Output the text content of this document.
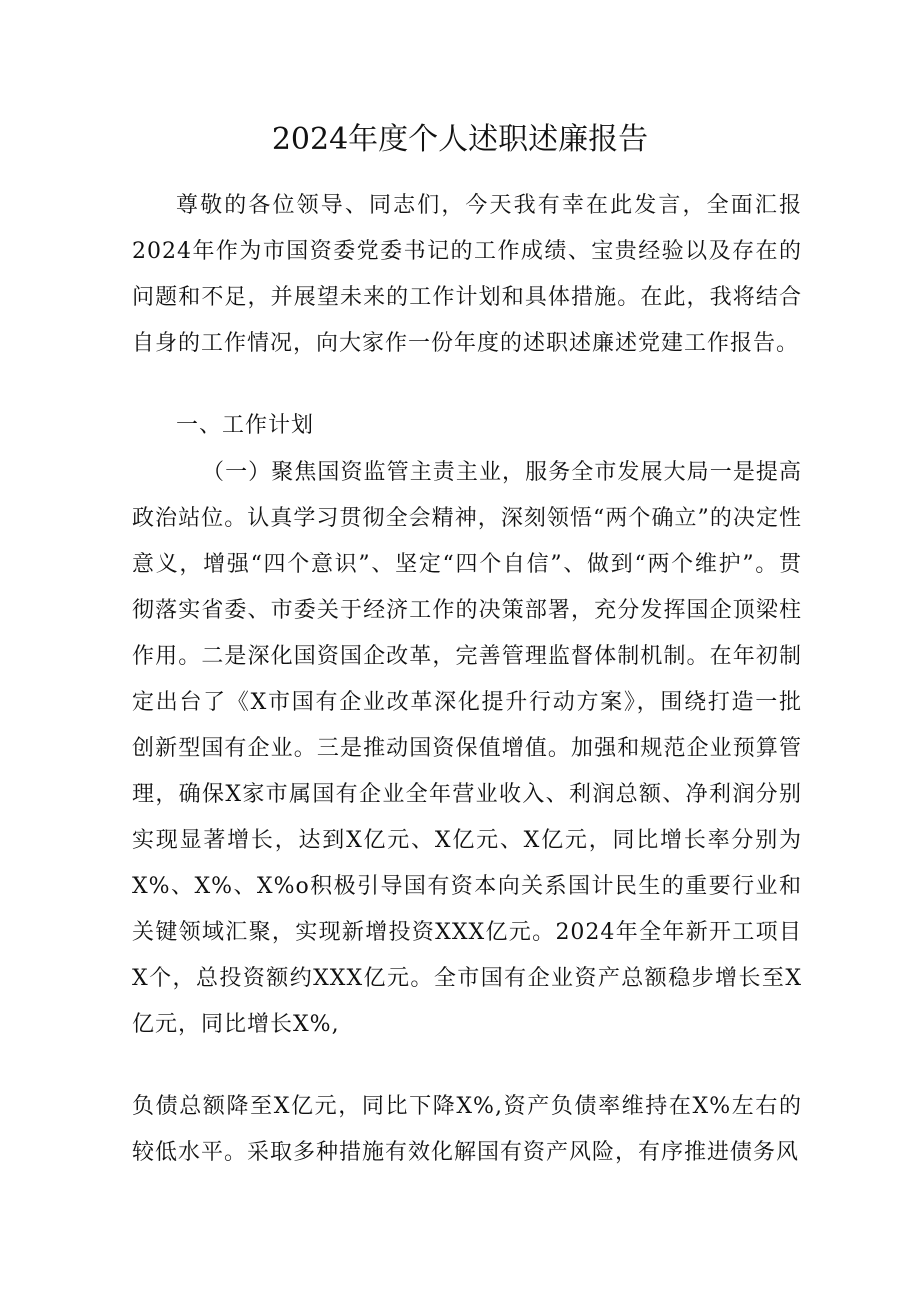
2024年度个人述职述廉报告

尊敬的各位领导、同志们，今天我有幸在此发言，全面汇报2024年作为市国资委党委书记的工作成绩、宝贵经验以及存在的问题和不足，并展望未来的工作计划和具体措施。在此，我将结合自身的工作情况，向大家作一份年度的述职述廉述党建工作报告。

一、工作计划

（一）聚焦国资监管主责主业，服务全市发展大局一是提高政治站位。认真学习贯彻全会精神，深刻领悟“两个确立”的决定性意义，增强“四个意识”、坚定“四个自信”、做到“两个维护”。贯彻落实省委、市委关于经济工作的决策部署，充分发挥国企顶梁柱作用。二是深化国资国企改革，完善管理监督体制机制。在年初制定出台了《X市国有企业改革深化提升行动方案》，围绕打造一批创新型国有企业。三是推动国资保值增值。加强和规范企业预算管理，确保X家市属国有企业全年营业收入、利润总额、净利润分别实现显著增长，达到X亿元、X亿元、X亿元，同比增长率分别为X%、X%、X%o积极引导国有资本向关系国计民生的重要行业和关键领域汇聚，实现新增投资XXX亿元。2024年全年新开工项目X个，总投资额约XXX亿元。全市国有企业资产总额稳步增长至X亿元，同比增长X%,

负债总额降至X亿元，同比下降X%,资产负债率维持在X%左右的较低水平。采取多种措施有效化解国有资产风险，有序推进债务风
